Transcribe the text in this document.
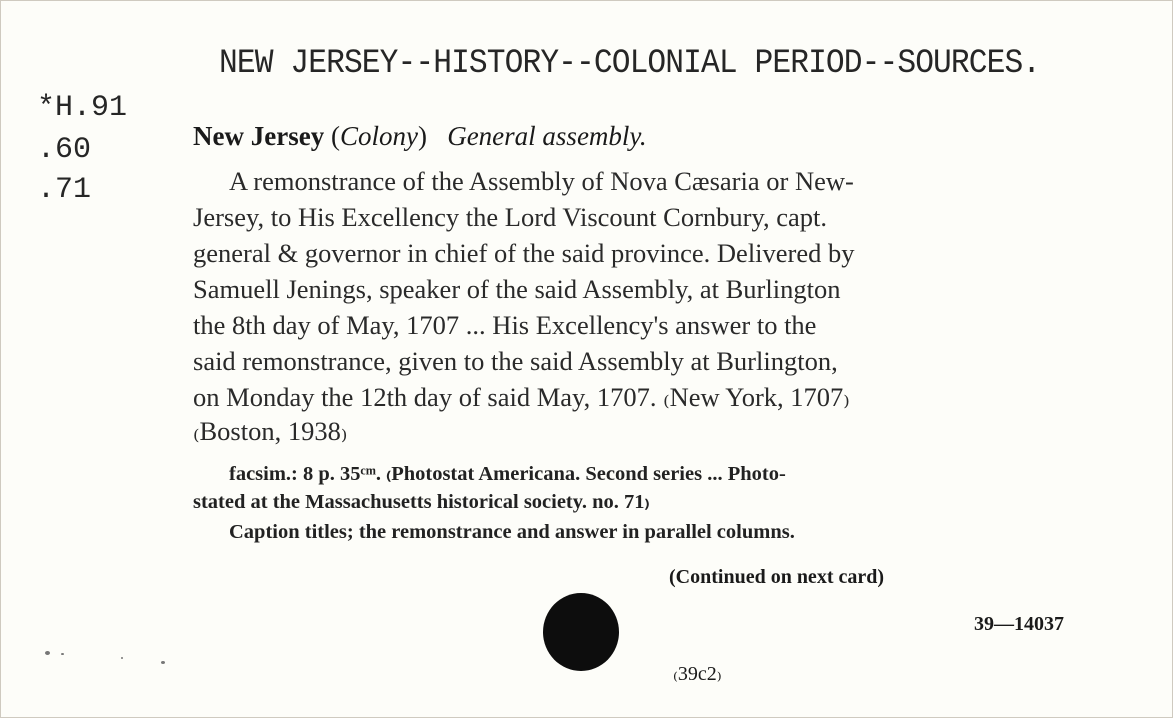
NEW JERSEY--HISTORY--COLONIAL PERIOD--SOURCES.
*H.91
.60
.71
New Jersey (Colony) General assembly.
A remonstrance of the Assembly of Nova Cæsaria or New-
Jersey, to His Excellency the Lord Viscount Cornbury, capt.
general & governor in chief of the said province. Delivered by
Samuell Jenings, speaker of the said Assembly, at Burlington
the 8th day of May, 1707 ... His Excellency's answer to the
said remonstrance, given to the said Assembly at Burlington,
on Monday the 12th day of said May, 1707. ₍New York, 1707₎
₍Boston, 1938₎
facsim.: 8 p. 35ᶜᵐ. ₍Photostat Americana. Second series ... Photo-
stated at the Massachusetts historical society. no. 71₎
Caption titles; the remonstrance and answer in parallel columns.
(Continued on next card)
39—14037
₍39c2₎
